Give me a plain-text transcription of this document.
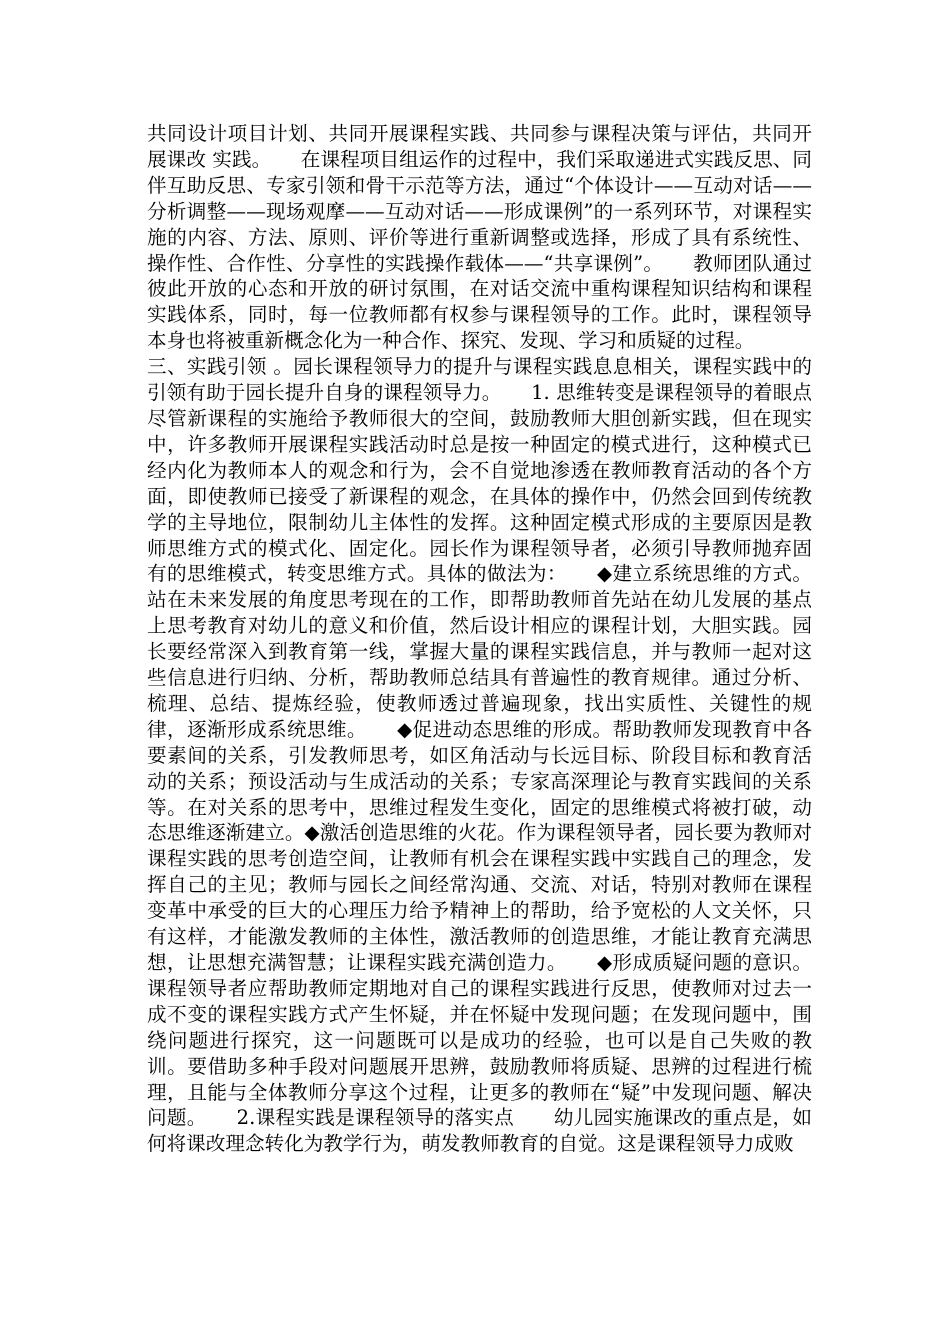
共同设计项目计划、共同开展课程实践、共同参与课程决策与评估，共同开展课改 实践。　　在课程项目组运作的过程中，我们采取递进式实践反思、同伴互助反思、专家引领和骨干示范等方法，通过“个体设计——互动对话——分析调整——现场观摩——互动对话——形成课例”的一系列环节，对课程实施的内容、方法、原则、评价等进行重新调整或选择，形成了具有系统性、操作性、合作性、分享性的实践操作载体——“共享课例”。　　教师团队通过彼此开放的心态和开放的研讨氛围，在对话交流中重构课程知识结构和课程实践体系，同时，每一位教师都有权参与课程领导的工作。此时，课程领导本身也将被重新概念化为一种合作、探究、发现、学习和质疑的过程。

三、实践引领 。园长课程领导力的提升与课程实践息息相关，课程实践中的引领有助于园长提升自身的课程领导力。　　1. 思维转变是课程领导的着眼点　　尽管新课程的实施给予教师很大的空间，鼓励教师大胆创新实践，但在现实中，许多教师开展课程实践活动时总是按一种固定的模式进行，这种模式已经内化为教师本人的观念和行为，会不自觉地渗透在教师教育活动的各个方面，即使教师已接受了新课程的观念，在具体的操作中，仍然会回到传统教学的主导地位，限制幼儿主体性的发挥。这种固定模式形成的主要原因是教师思维方式的模式化、固定化。园长作为课程领导者，必须引导教师抛弃固有的思维模式，转变思维方式。具体的做法为：　　◆建立系统思维的方式。站在未来发展的角度思考现在的工作，即帮助教师首先站在幼儿发展的基点上思考教育对幼儿的意义和价值，然后设计相应的课程计划，大胆实践。园长要经常深入到教育第一线，掌握大量的课程实践信息，并与教师一起对这些信息进行归纳、分析，帮助教师总结具有普遍性的教育规律。通过分析、梳理、总结、提炼经验，使教师透过普遍现象，找出实质性、关键性的规律，逐渐形成系统思维。　　◆促进动态思维的形成。帮助教师发现教育中各要素间的关系，引发教师思考，如区角活动与长远目标、阶段目标和教育活动的关系；预设活动与生成活动的关系；专家高深理论与教育实践间的关系等。在对关系的思考中，思维过程发生变化，固定的思维模式将被打破，动态思维逐渐建立。◆激活创造思维的火花。作为课程领导者，园长要为教师对课程实践的思考创造空间，让教师有机会在课程实践中实践自己的理念，发挥自己的主见；教师与园长之间经常沟通、交流、对话，特别对教师在课程变革中承受的巨大的心理压力给予精神上的帮助，给予宽松的人文关怀，只有这样，才能激发教师的主体性，激活教师的创造思维，才能让教育充满思想，让思想充满智慧；让课程实践充满创造力。　　◆形成质疑问题的意识。课程领导者应帮助教师定期地对自己的课程实践进行反思，使教师对过去一成不变的课程实践方式产生怀疑，并在怀疑中发现问题；在发现问题中，围绕问题进行探究，这一问题既可以是成功的经验，也可以是自己失败的教训。要借助多种手段对问题展开思辨，鼓励教师将质疑、思辨的过程进行梳理，且能与全体教师分享这个过程，让更多的教师在“疑”中发现问题、解决问题。　　2.课程实践是课程领导的落实点　　幼儿园实施课改的重点是，如何将课改理念转化为教学行为，萌发教师教育的自觉。这是课程领导力成败
